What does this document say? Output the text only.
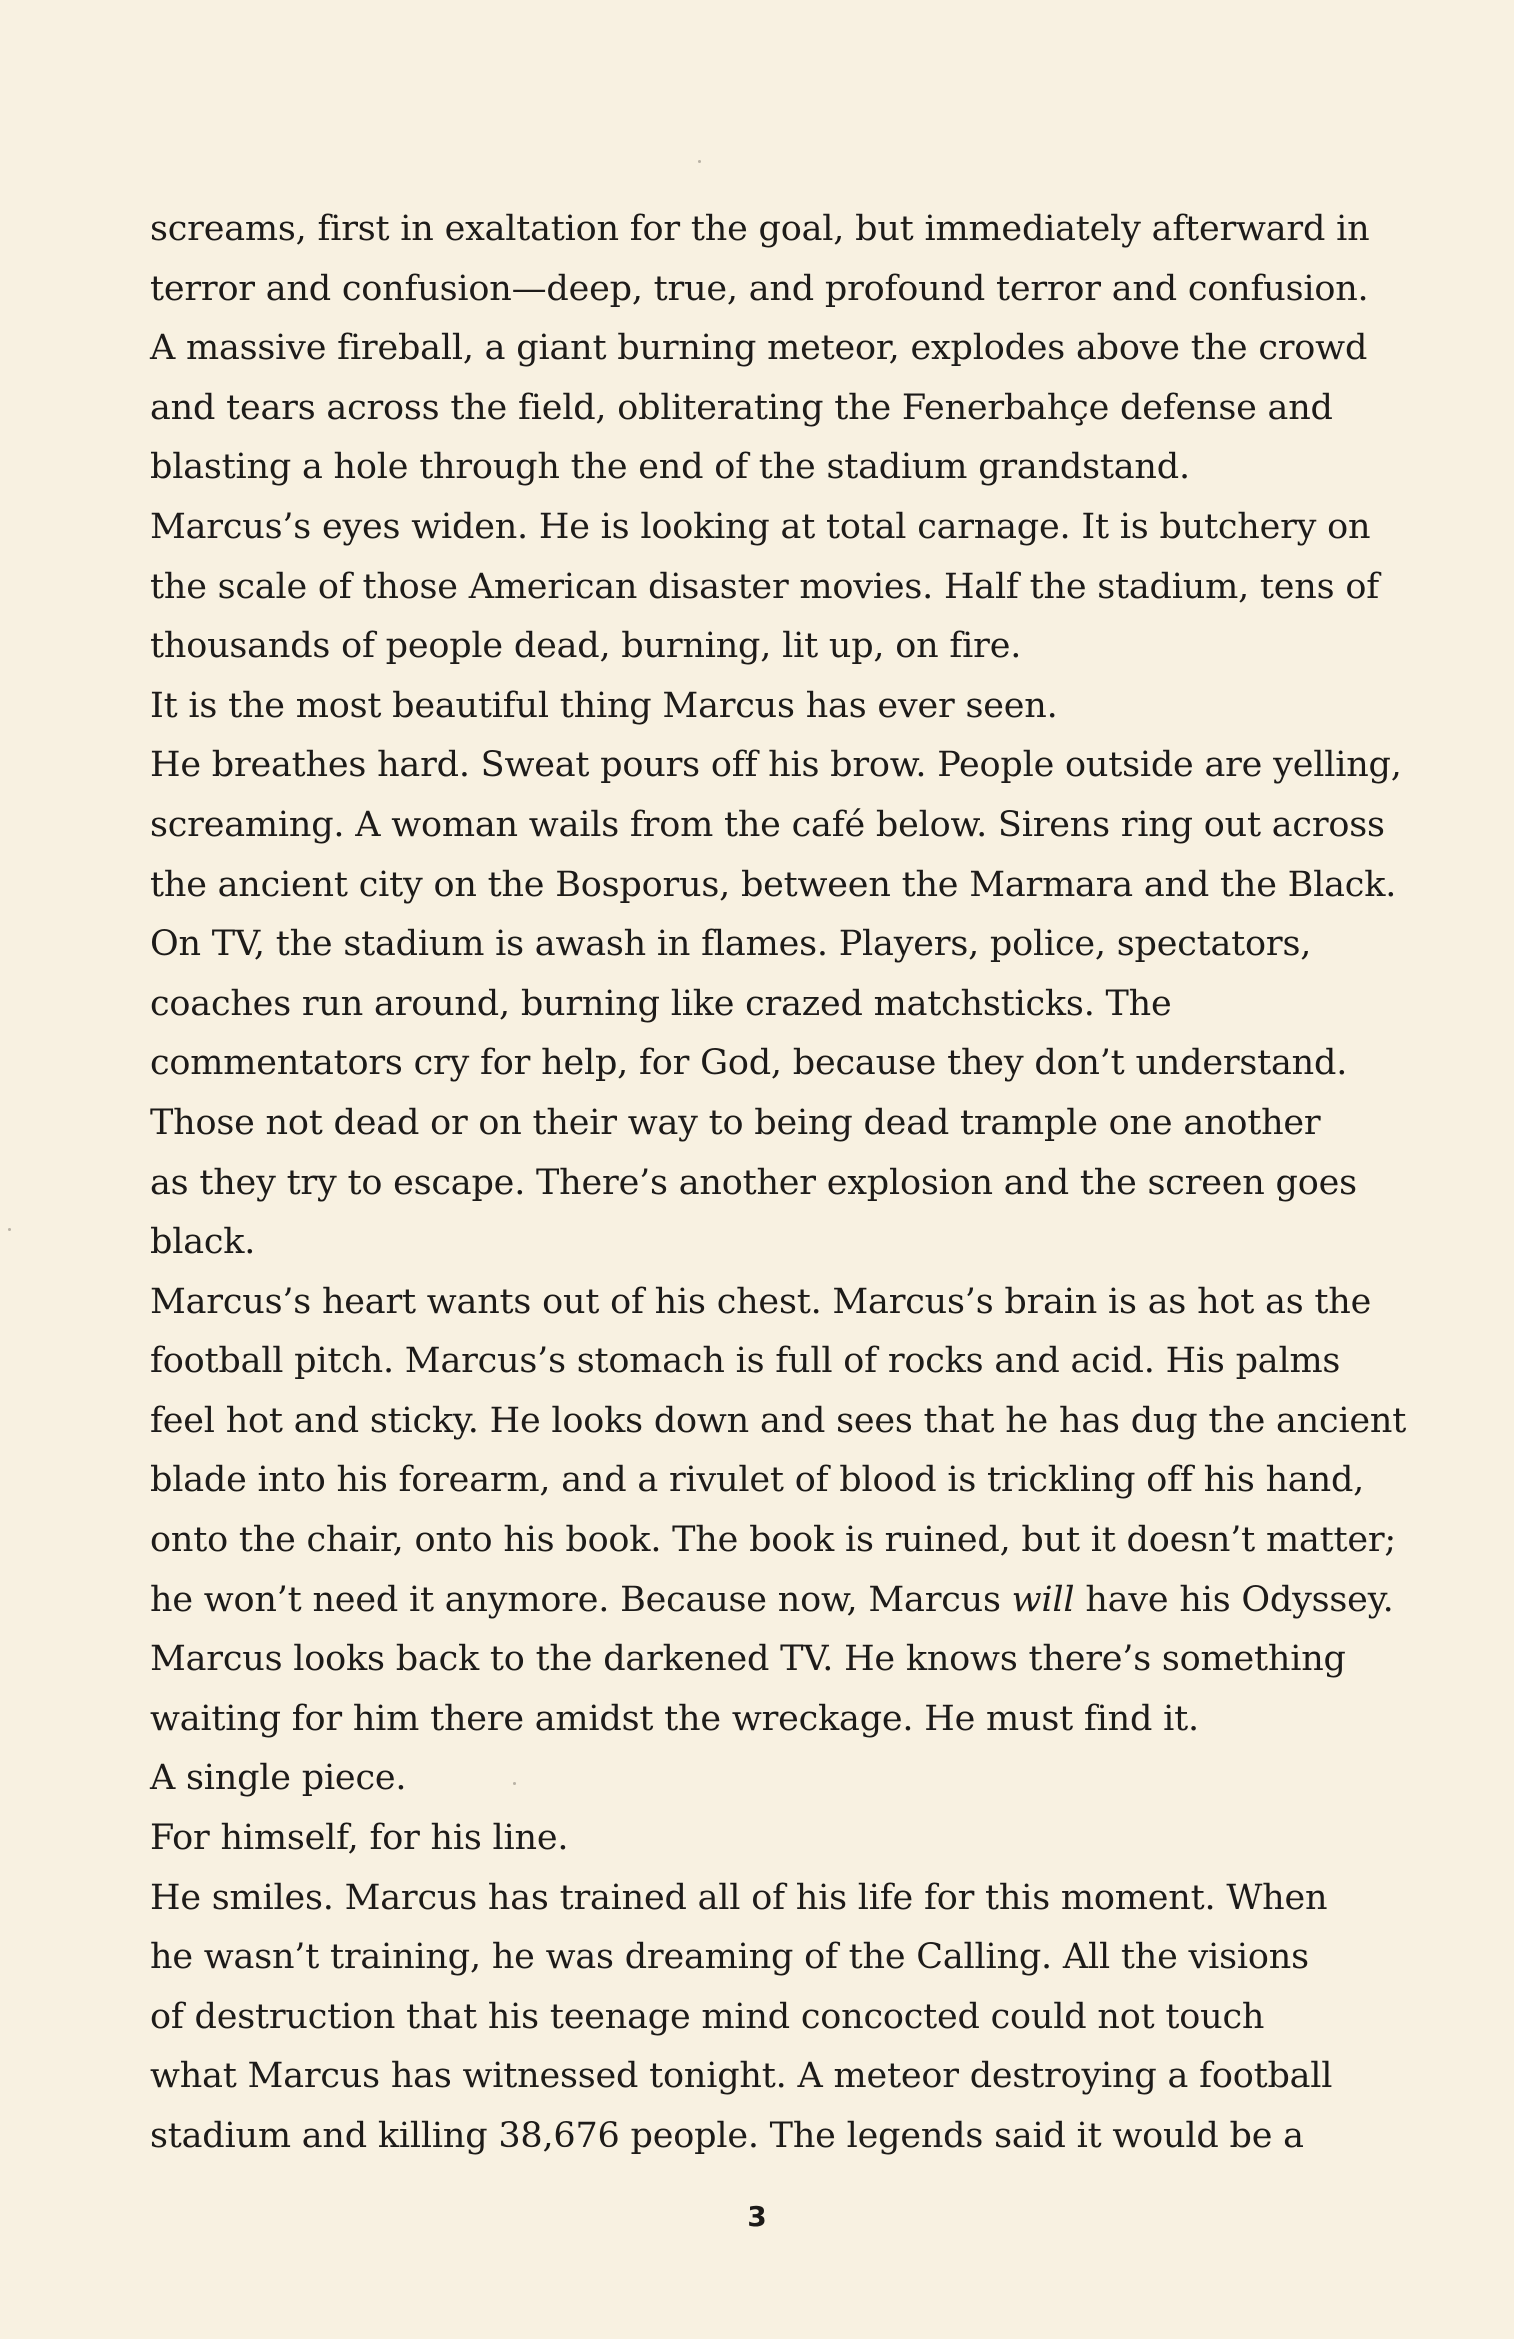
screams, first in exaltation for the goal, but immediately afterward in
terror and confusion—deep, true, and profound terror and confusion.
A massive fireball, a giant burning meteor, explodes above the crowd
and tears across the field, obliterating the Fenerbahçe defense and
blasting a hole through the end of the stadium grandstand.
Marcus’s eyes widen. He is looking at total carnage. It is butchery on
the scale of those American disaster movies. Half the stadium, tens of
thousands of people dead, burning, lit up, on fire.
It is the most beautiful thing Marcus has ever seen.
He breathes hard. Sweat pours off his brow. People outside are yelling,
screaming. A woman wails from the café below. Sirens ring out across
the ancient city on the Bosporus, between the Marmara and the Black.
On TV, the stadium is awash in flames. Players, police, spectators,
coaches run around, burning like crazed matchsticks. The
commentators cry for help, for God, because they don’t understand.
Those not dead or on their way to being dead trample one another
as they try to escape. There’s another explosion and the screen goes
black.
Marcus’s heart wants out of his chest. Marcus’s brain is as hot as the
football pitch. Marcus’s stomach is full of rocks and acid. His palms
feel hot and sticky. He looks down and sees that he has dug the ancient
blade into his forearm, and a rivulet of blood is trickling off his hand,
onto the chair, onto his book. The book is ruined, but it doesn’t matter;
he won’t need it anymore. Because now, Marcus will have his Odyssey.
Marcus looks back to the darkened TV. He knows there’s something
waiting for him there amidst the wreckage. He must find it.
A single piece.
For himself, for his line.
He smiles. Marcus has trained all of his life for this moment. When
he wasn’t training, he was dreaming of the Calling. All the visions
of destruction that his teenage mind concocted could not touch
what Marcus has witnessed tonight. A meteor destroying a football
stadium and killing 38,676 people. The legends said it would be a
3
